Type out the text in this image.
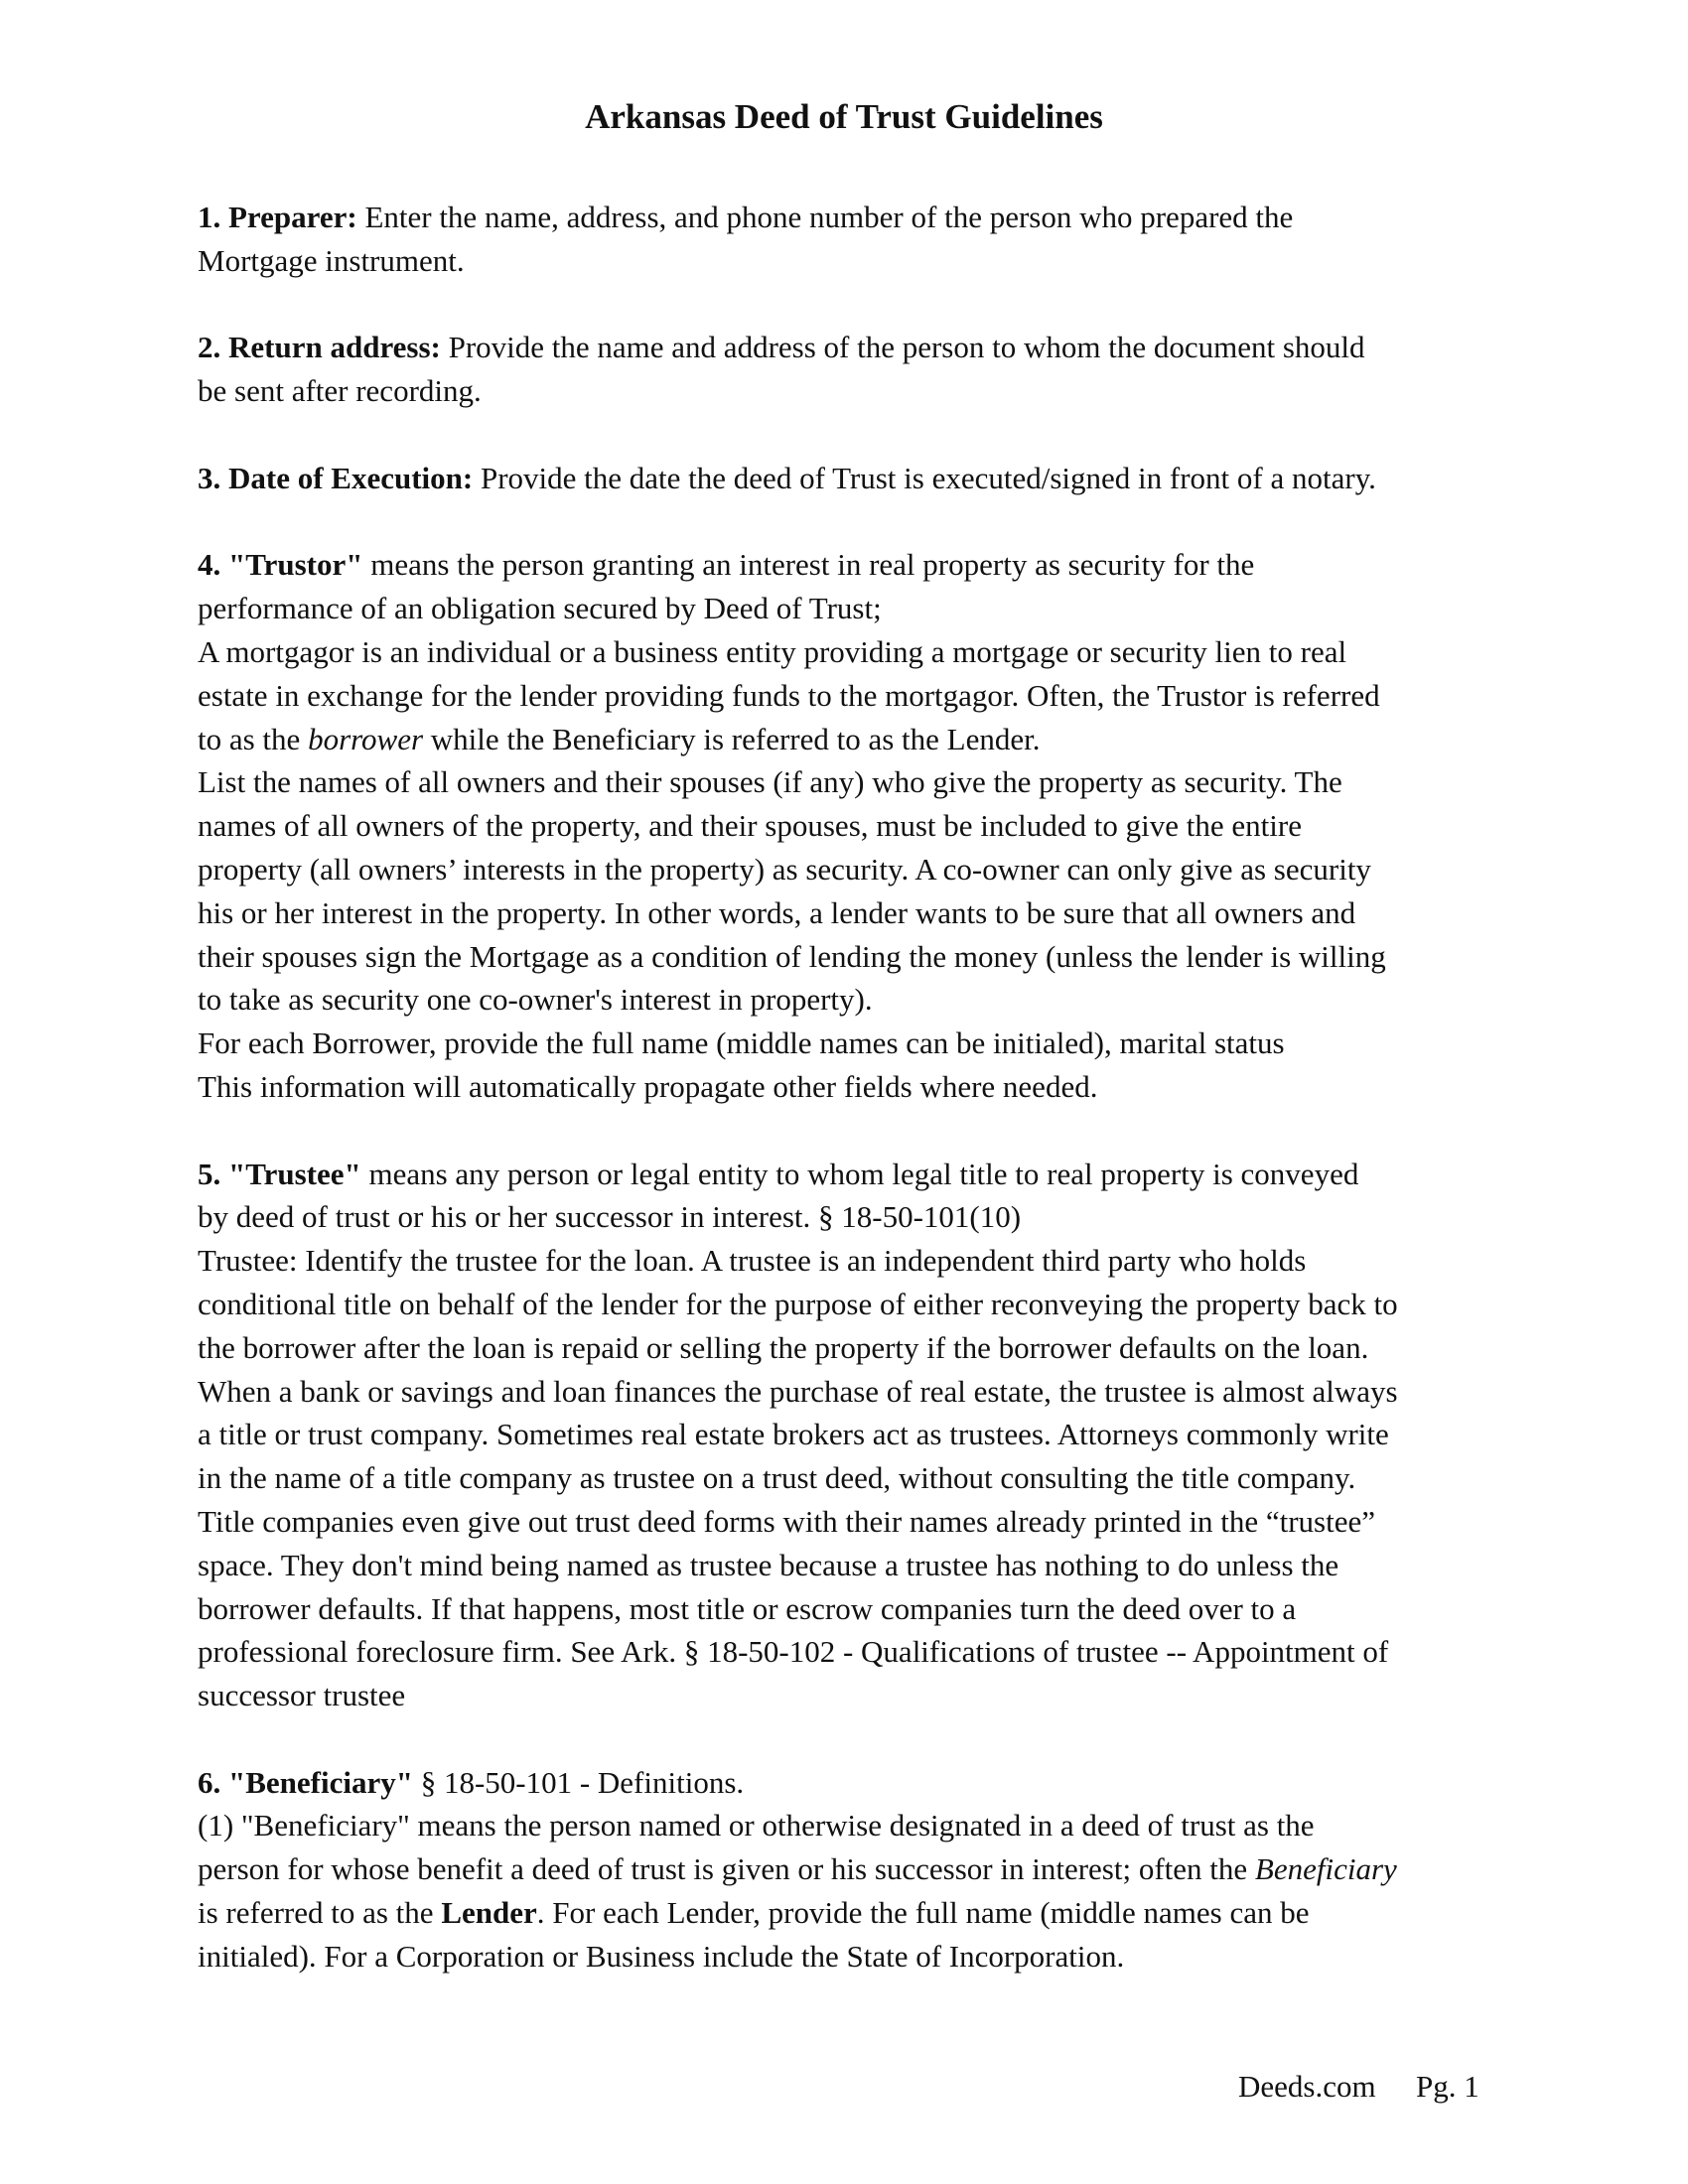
Arkansas Deed of Trust Guidelines
1. Preparer: Enter the name, address, and phone number of the person who prepared the
Mortgage instrument.
2. Return address: Provide the name and address of the person to whom the document should
be sent after recording.
3. Date of Execution: Provide the date the deed of Trust is executed/signed in front of a notary.
4. "Trustor" means the person granting an interest in real property as security for the
performance of an obligation secured by Deed of Trust;
A mortgagor is an individual or a business entity providing a mortgage or security lien to real
estate in exchange for the lender providing funds to the mortgagor. Often, the Trustor is referred
to as the borrower while the Beneficiary is referred to as the Lender.
List the names of all owners and their spouses (if any) who give the property as security. The
names of all owners of the property, and their spouses, must be included to give the entire
property (all owners’ interests in the property) as security. A co-owner can only give as security
his or her interest in the property. In other words, a lender wants to be sure that all owners and
their spouses sign the Mortgage as a condition of lending the money (unless the lender is willing
to take as security one co-owner's interest in property).
For each Borrower, provide the full name (middle names can be initialed), marital status
This information will automatically propagate other fields where needed.
5. "Trustee" means any person or legal entity to whom legal title to real property is conveyed
by deed of trust or his or her successor in interest. § 18-50-101(10)
Trustee: Identify the trustee for the loan. A trustee is an independent third party who holds
conditional title on behalf of the lender for the purpose of either reconveying the property back to
the borrower after the loan is repaid or selling the property if the borrower defaults on the loan.
When a bank or savings and loan finances the purchase of real estate, the trustee is almost always
a title or trust company. Sometimes real estate brokers act as trustees. Attorneys commonly write
in the name of a title company as trustee on a trust deed, without consulting the title company.
Title companies even give out trust deed forms with their names already printed in the “trustee”
space. They don't mind being named as trustee because a trustee has nothing to do unless the
borrower defaults. If that happens, most title or escrow companies turn the deed over to a
professional foreclosure firm. See Ark. § 18-50-102 - Qualifications of trustee -- Appointment of
successor trustee
6. "Beneficiary" § 18-50-101 - Definitions.
(1) "Beneficiary" means the person named or otherwise designated in a deed of trust as the
person for whose benefit a deed of trust is given or his successor in interest; often the Beneficiary
is referred to as the Lender. For each Lender, provide the full name (middle names can be
initialed). For a Corporation or Business include the State of Incorporation.
Deeds.com Pg. 1
